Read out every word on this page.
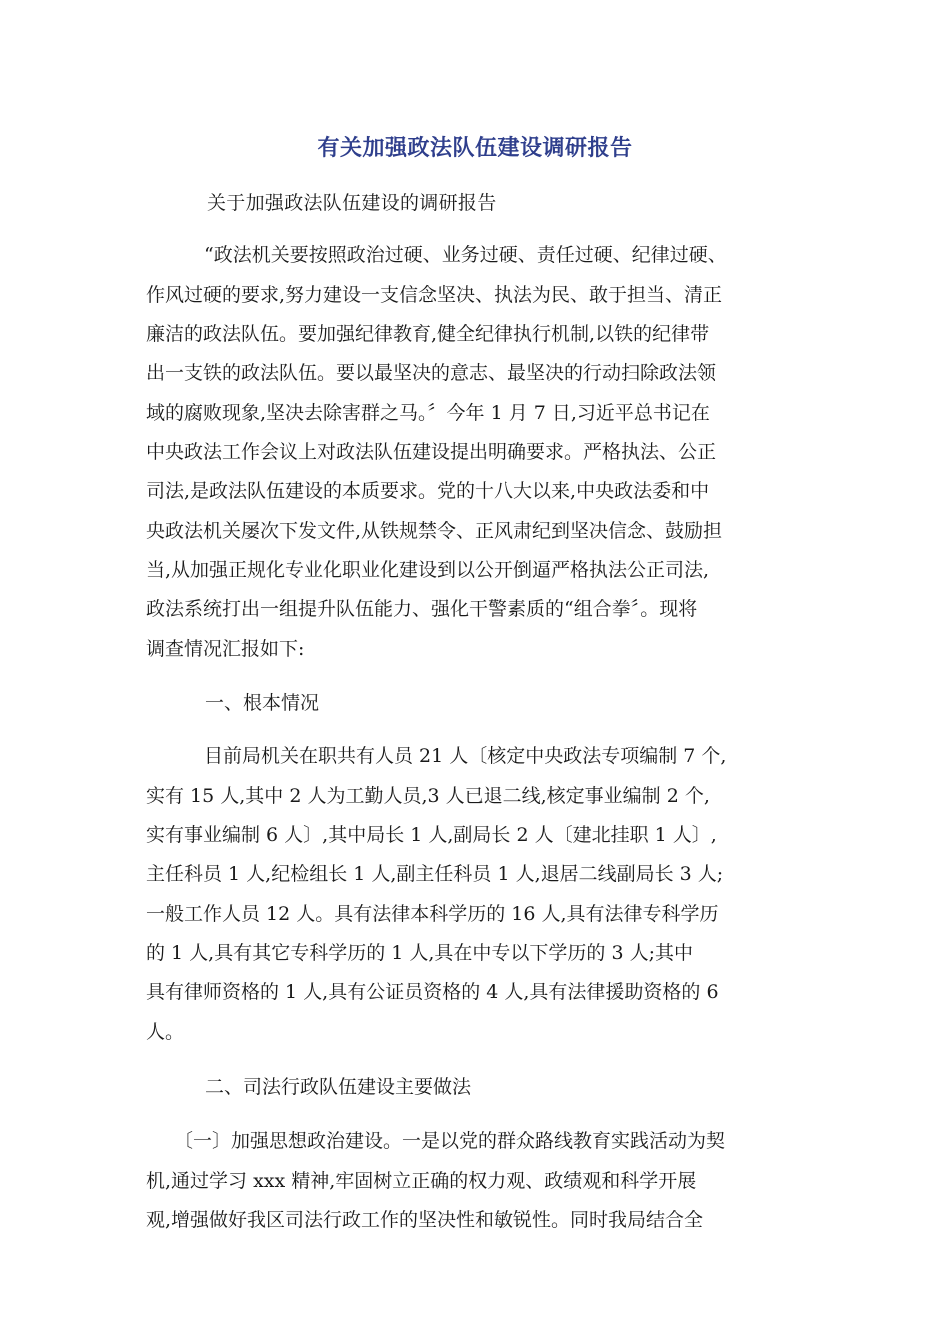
有关加强政法队伍建设调研报告
关于加强政法队伍建设的调研报告
“政法机关要按照政治过硬、业务过硬、责任过硬、纪律过硬、
作风过硬的要求,努力建设一支信念坚决、执法为民、敢于担当、清正
廉洁的政法队伍。要加强纪律教育,健全纪律执行机制,以铁的纪律带
出一支铁的政法队伍。要以最坚决的意志、最坚决的行动扫除政法领
域的腐败现象,坚决去除害群之马。〞今年 1 月 7 日,习近平总书记在
中央政法工作会议上对政法队伍建设提出明确要求。严格执法、公正
司法,是政法队伍建设的本质要求。党的十八大以来,中央政法委和中
央政法机关屡次下发文件,从铁规禁令、正风肃纪到坚决信念、鼓励担
当,从加强正规化专业化职业化建设到以公开倒逼严格执法公正司法,
政法系统打出一组提升队伍能力、强化干警素质的“组合拳〞。现将
调查情况汇报如下:
一、根本情况
目前局机关在职共有人员 21 人〔核定中央政法专项编制 7 个,
实有 15 人,其中 2 人为工勤人员,3 人已退二线,核定事业编制 2 个,
实有事业编制 6 人〕,其中局长 1 人,副局长 2 人〔建北挂职 1 人〕,
主任科员 1 人,纪检组长 1 人,副主任科员 1 人,退居二线副局长 3 人;
一般工作人员 12 人。具有法律本科学历的 16 人,具有法律专科学历
的 1 人,具有其它专科学历的 1 人,具在中专以下学历的 3 人;其中
具有律师资格的 1 人,具有公证员资格的 4 人,具有法律援助资格的 6
人。
二、司法行政队伍建设主要做法
〔一〕加强思想政治建设。一是以党的群众路线教育实践活动为契
机,通过学习 xxx 精神,牢固树立正确的权力观、政绩观和科学开展
观,增强做好我区司法行政工作的坚决性和敏锐性。同时我局结合全
